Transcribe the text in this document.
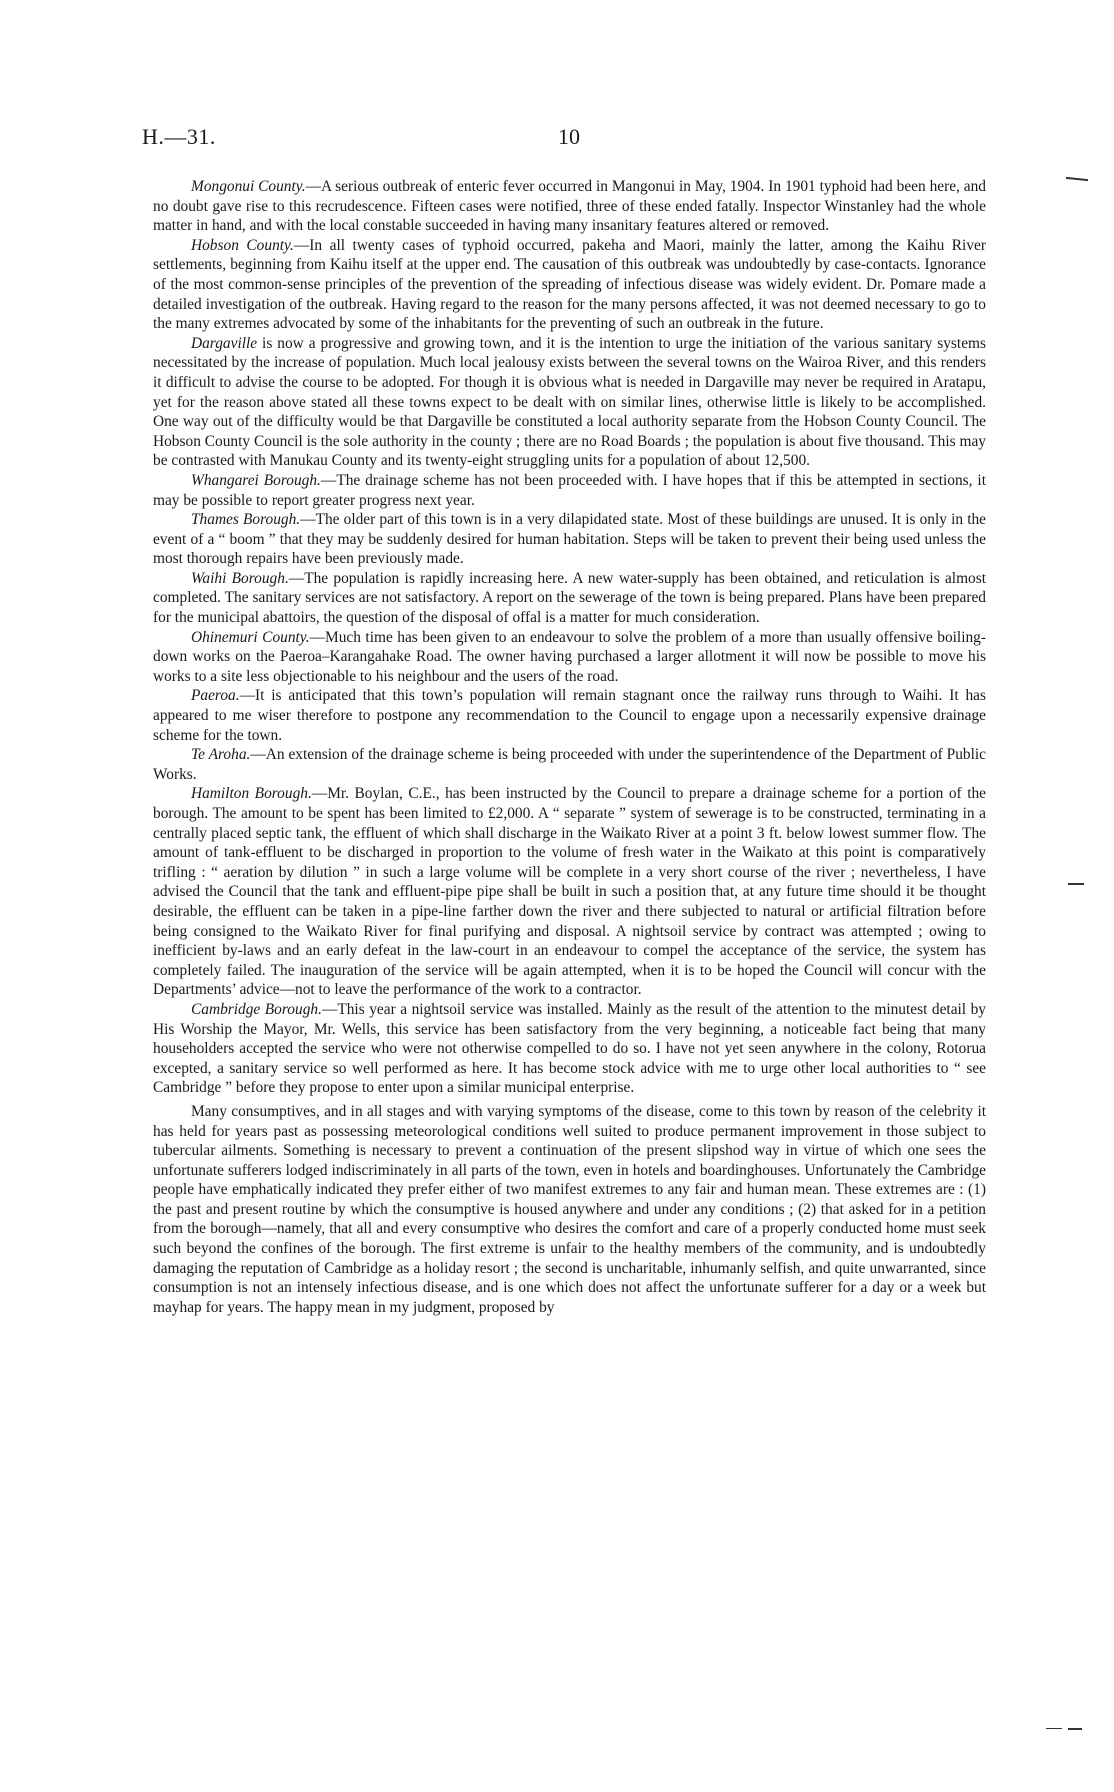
H.—31.	10

Mongonui County.—A serious outbreak of enteric fever occurred in Mangonui in May, 1904. In 1901 typhoid had been here, and no doubt gave rise to this recrudescence. Fifteen cases were notified, three of these ended fatally. Inspector Winstanley had the whole matter in hand, and with the local constable succeeded in having many insanitary features altered or removed.

Hobson County.—In all twenty cases of typhoid occurred, pakeha and Maori, mainly the latter, among the Kaihu River settlements, beginning from Kaihu itself at the upper end. The causation of this outbreak was undoubtedly by case-contacts. Ignorance of the most common-sense principles of the prevention of the spreading of infectious disease was widely evident. Dr. Pomare made a detailed investigation of the outbreak. Having regard to the reason for the many persons affected, it was not deemed necessary to go to the many extremes advocated by some of the inhabitants for the preventing of such an outbreak in the future.

Dargaville is now a progressive and growing town, and it is the intention to urge the initiation of the various sanitary systems necessitated by the increase of population. Much local jealousy exists between the several towns on the Wairoa River, and this renders it difficult to advise the course to be adopted. For though it is obvious what is needed in Dargaville may never be required in Aratapu, yet for the reason above stated all these towns expect to be dealt with on similar lines, otherwise little is likely to be accomplished. One way out of the difficulty would be that Dargaville be constituted a local authority separate from the Hobson County Council. The Hobson County Council is the sole authority in the county ; there are no Road Boards ; the population is about five thousand. This may be contrasted with Manukau County and its twenty-eight struggling units for a population of about 12,500.

Whangarei Borough.—The drainage scheme has not been proceeded with. I have hopes that if this be attempted in sections, it may be possible to report greater progress next year.

Thames Borough.—The older part of this town is in a very dilapidated state. Most of these buildings are unused. It is only in the event of a “ boom ” that they may be suddenly desired for human habitation. Steps will be taken to prevent their being used unless the most thorough repairs have been previously made.

Waihi Borough.—The population is rapidly increasing here. A new water-supply has been obtained, and reticulation is almost completed. The sanitary services are not satisfactory. A report on the sewerage of the town is being prepared. Plans have been prepared for the municipal abattoirs, the question of the disposal of offal is a matter for much consideration.

Ohinemuri County.—Much time has been given to an endeavour to solve the problem of a more than usually offensive boiling-down works on the Paeroa–Karangahake Road. The owner having purchased a larger allotment it will now be possible to move his works to a site less objectionable to his neighbour and the users of the road.

Paeroa.—It is anticipated that this town’s population will remain stagnant once the railway runs through to Waihi. It has appeared to me wiser therefore to postpone any recommendation to the Council to engage upon a necessarily expensive drainage scheme for the town.

Te Aroha.—An extension of the drainage scheme is being proceeded with under the superintendence of the Department of Public Works.

Hamilton Borough.—Mr. Boylan, C.E., has been instructed by the Council to prepare a drainage scheme for a portion of the borough. The amount to be spent has been limited to £2,000. A “ separate ” system of sewerage is to be constructed, terminating in a centrally placed septic tank, the effluent of which shall discharge in the Waikato River at a point 3 ft. below lowest summer flow. The amount of tank-effluent to be discharged in proportion to the volume of fresh water in the Waikato at this point is comparatively trifling : “ aeration by dilution ” in such a large volume will be complete in a very short course of the river ; nevertheless, I have advised the Council that the tank and effluent-pipe pipe shall be built in such a position that, at any future time should it be thought desirable, the effluent can be taken in a pipe-line farther down the river and there subjected to natural or artificial filtration before being consigned to the Waikato River for final purifying and disposal. A nightsoil service by contract was attempted ; owing to inefficient by-laws and an early defeat in the law-court in an endeavour to compel the acceptance of the service, the system has completely failed. The inauguration of the service will be again attempted, when it is to be hoped the Council will concur with the Departments’ advice—not to leave the performance of the work to a contractor.

Cambridge Borough.—This year a nightsoil service was installed. Mainly as the result of the attention to the minutest detail by His Worship the Mayor, Mr. Wells, this service has been satisfactory from the very beginning, a noticeable fact being that many householders accepted the service who were not otherwise compelled to do so. I have not yet seen anywhere in the colony, Rotorua excepted, a sanitary service so well performed as here. It has become stock advice with me to urge other local authorities to “ see Cambridge ” before they propose to enter upon a similar municipal enterprise.

Many consumptives, and in all stages and with varying symptoms of the disease, come to this town by reason of the celebrity it has held for years past as possessing meteorological conditions well suited to produce permanent improvement in those subject to tubercular ailments. Something is necessary to prevent a continuation of the present slipshod way in virtue of which one sees the unfortunate sufferers lodged indiscriminately in all parts of the town, even in hotels and boardinghouses. Unfortunately the Cambridge people have emphatically indicated they prefer either of two manifest extremes to any fair and human mean. These extremes are : (1) the past and present routine by which the consumptive is housed anywhere and under any conditions ; (2) that asked for in a petition from the borough—namely, that all and every consumptive who desires the comfort and care of a properly conducted home must seek such beyond the confines of the borough. The first extreme is unfair to the healthy members of the community, and is undoubtedly damaging the reputation of Cambridge as a holiday resort ; the second is uncharitable, inhumanly selfish, and quite unwarranted, since consumption is not an intensely infectious disease, and is one which does not affect the unfortunate sufferer for a day or a week but mayhap for years. The happy mean in my judgment, proposed by
